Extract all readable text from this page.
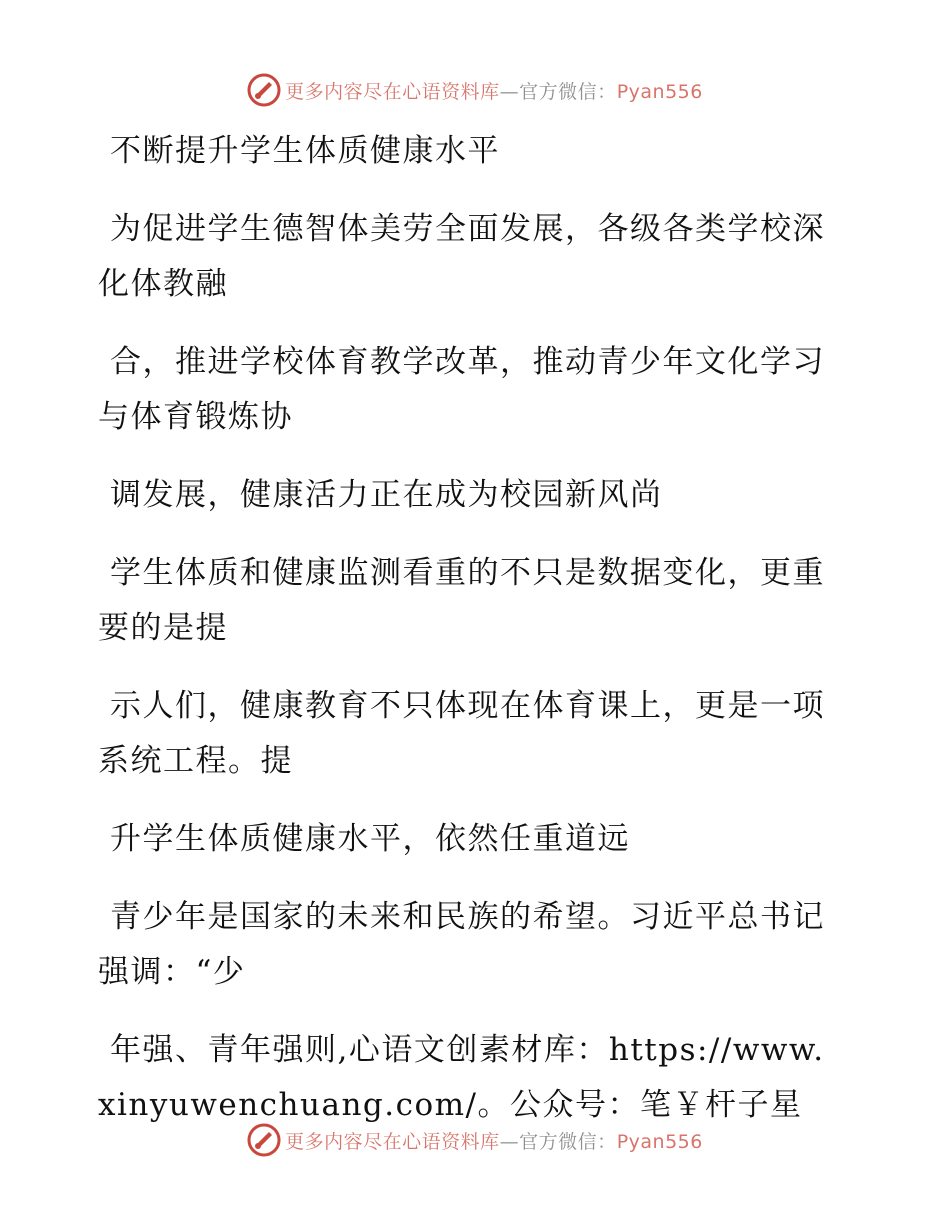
更多内容尽在心语资料库—官方微信：Pyan556

不断提升学生体质健康水平

为促进学生德智体美劳全面发展，各级各类学校深化体教融

合，推进学校体育教学改革，推动青少年文化学习与体育锻炼协

调发展，健康活力正在成为校园新风尚

学生体质和健康监测看重的不只是数据变化，更重要的是提

示人们，健康教育不只体现在体育课上，更是一项系统工程。提

升学生体质健康水平，依然任重道远

青少年是国家的未来和民族的希望。习近平总书记强调：“少

年强、青年强则,心语文创素材库：https://www.xinyuwenchuang.com/。公众号：笔￥杆子星

更多内容尽在心语资料库—官方微信：Pyan556
